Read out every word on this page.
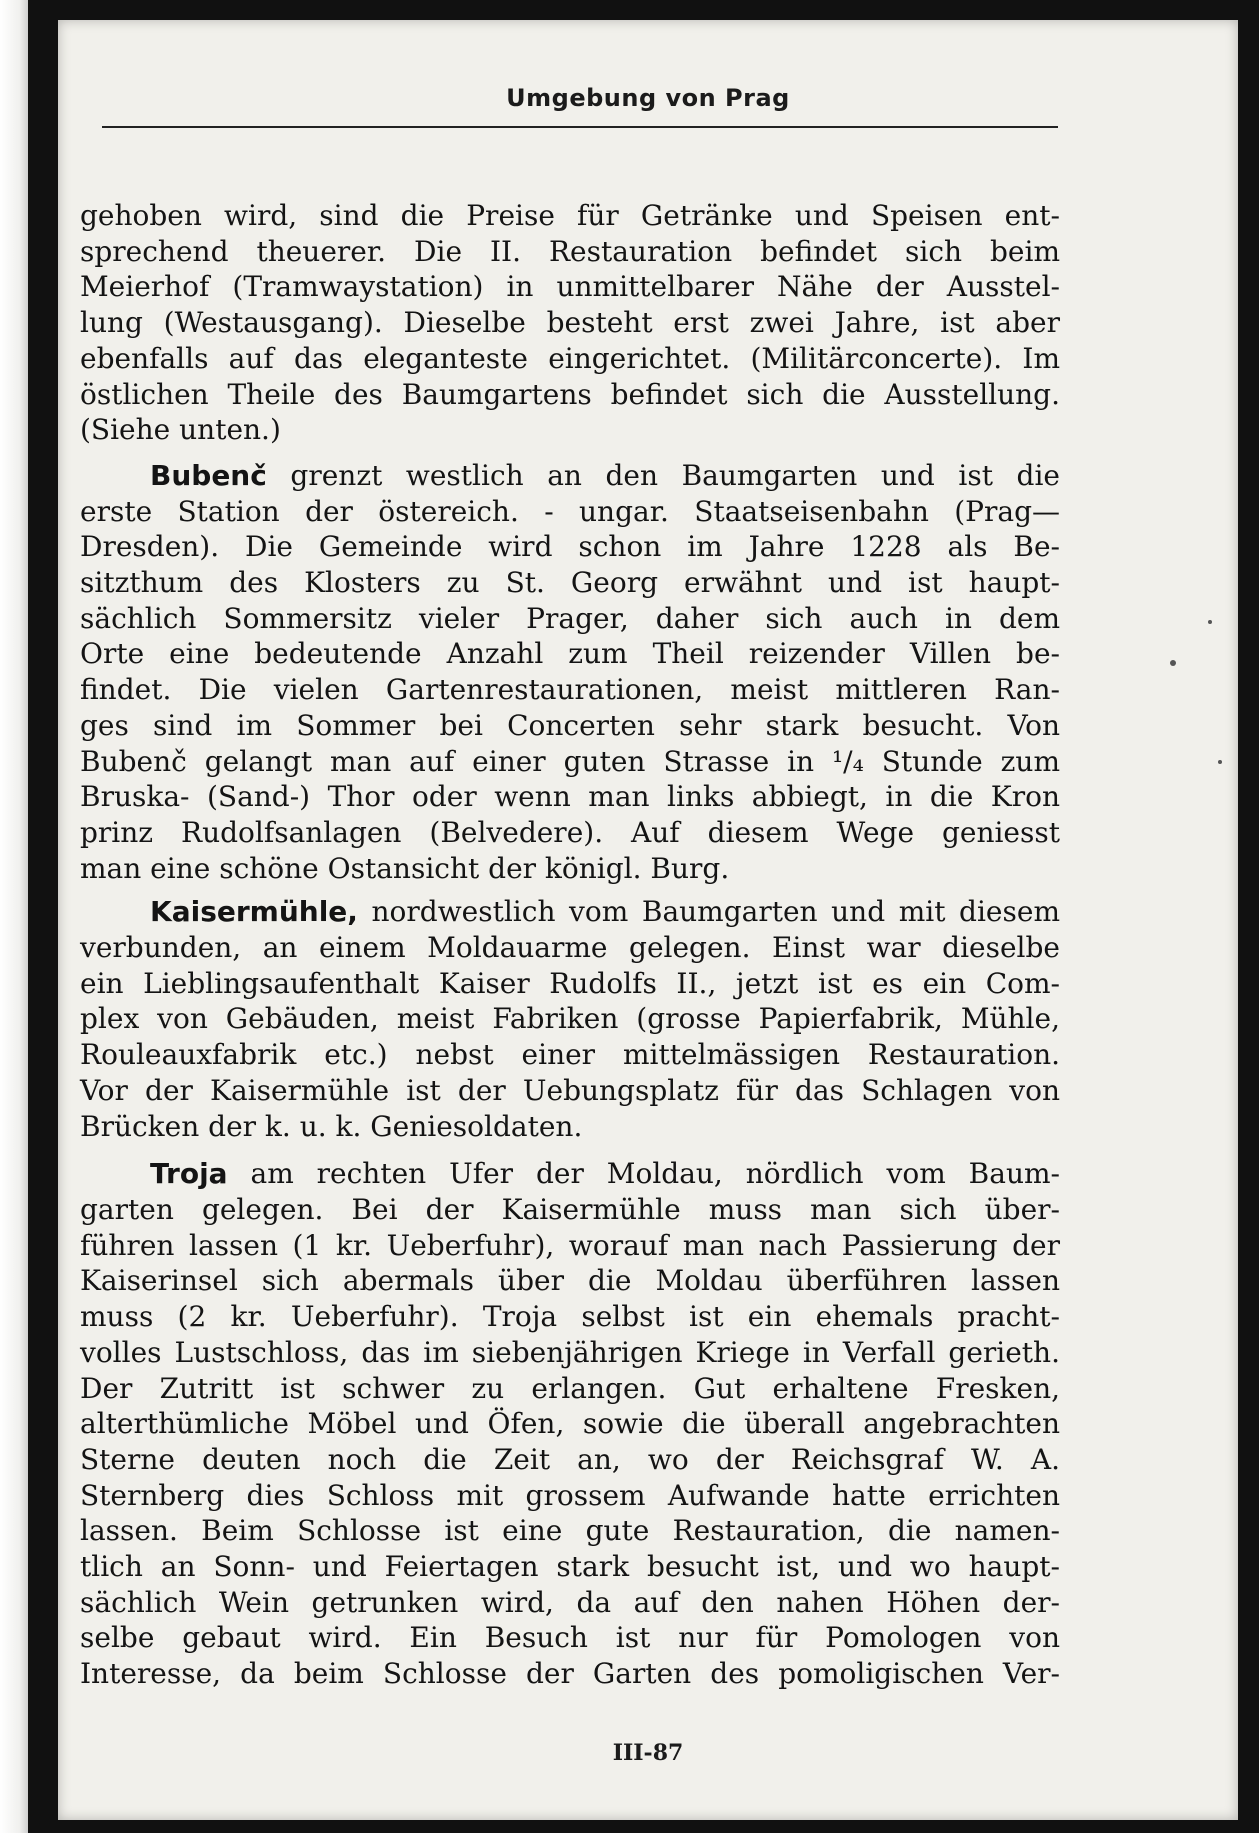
Umgebung von Prag
gehoben wird, sind die Preise für Getränke und Speisen ent-
sprechend theuerer. Die II. Restauration befindet sich beim
Meierhof (Tramwaystation) in unmittelbarer Nähe der Ausstel-
lung (Westausgang). Dieselbe besteht erst zwei Jahre, ist aber
ebenfalls auf das eleganteste eingerichtet. (Militärconcerte). Im
östlichen Theile des Baumgartens befindet sich die Ausstellung.
(Siehe unten.)
Bubenč grenzt westlich an den Baumgarten und ist die
erste Station der östereich. - ungar. Staatseisenbahn (Prag—
Dresden). Die Gemeinde wird schon im Jahre 1228 als Be-
sitzthum des Klosters zu St. Georg erwähnt und ist haupt-
sächlich Sommersitz vieler Prager, daher sich auch in dem
Orte eine bedeutende Anzahl zum Theil reizender Villen be-
findet. Die vielen Gartenrestaurationen, meist mittleren Ran-
ges sind im Sommer bei Concerten sehr stark besucht. Von
Bubenč gelangt man auf einer guten Strasse in ¹/₄ Stunde zum
Bruska- (Sand-) Thor oder wenn man links abbiegt, in die Kron
prinz Rudolfsanlagen (Belvedere). Auf diesem Wege geniesst
man eine schöne Ostansicht der königl. Burg.
Kaisermühle, nordwestlich vom Baumgarten und mit diesem
verbunden, an einem Moldauarme gelegen. Einst war dieselbe
ein Lieblingsaufenthalt Kaiser Rudolfs II., jetzt ist es ein Com-
plex von Gebäuden, meist Fabriken (grosse Papierfabrik, Mühle,
Rouleauxfabrik etc.) nebst einer mittelmässigen Restauration.
Vor der Kaisermühle ist der Uebungsplatz für das Schlagen von
Brücken der k. u. k. Geniesoldaten.
Troja am rechten Ufer der Moldau, nördlich vom Baum-
garten gelegen. Bei der Kaisermühle muss man sich über-
führen lassen (1 kr. Ueberfuhr), worauf man nach Passierung der
Kaiserinsel sich abermals über die Moldau überführen lassen
muss (2 kr. Ueberfuhr). Troja selbst ist ein ehemals pracht-
volles Lustschloss, das im siebenjährigen Kriege in Verfall gerieth.
Der Zutritt ist schwer zu erlangen. Gut erhaltene Fresken,
alterthümliche Möbel und Öfen, sowie die überall angebrachten
Sterne deuten noch die Zeit an, wo der Reichsgraf W. A.
Sternberg dies Schloss mit grossem Aufwande hatte errichten
lassen. Beim Schlosse ist eine gute Restauration, die namen-
tlich an Sonn- und Feiertagen stark besucht ist, und wo haupt-
sächlich Wein getrunken wird, da auf den nahen Höhen der-
selbe gebaut wird. Ein Besuch ist nur für Pomologen von
Interesse, da beim Schlosse der Garten des pomoligischen Ver-
III-87
